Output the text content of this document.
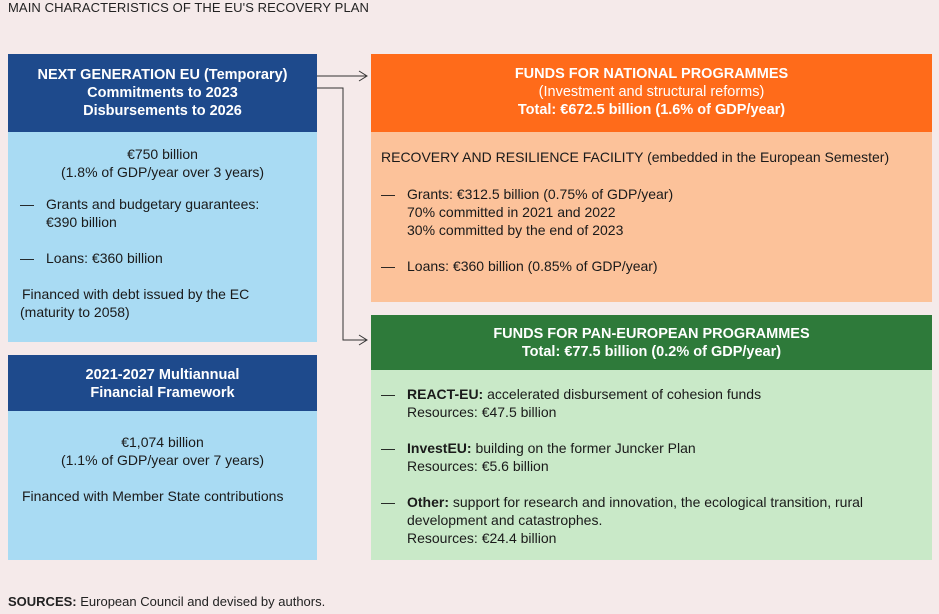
MAIN CHARACTERISTICS OF THE EU'S RECOVERY PLAN
NEXT GENERATION EU (Temporary)
Commitments to 2023
Disbursements to 2026
€750 billion
(1.8% of GDP/year over 3 years)
— Grants and budgetary guarantees:
€390 billion
— Loans: €360 billion
Financed with debt issued by the EC
(maturity to 2058)
2021-2027 Multiannual
Financial Framework
€1,074 billion
(1.1% of GDP/year over 7 years)
Financed with Member State contributions
FUNDS FOR NATIONAL PROGRAMMES
(Investment and structural reforms)
Total: €672.5 billion (1.6% of GDP/year)
RECOVERY AND RESILIENCE FACILITY (embedded in the European Semester)
— Grants: €312.5 billion (0.75% of GDP/year)
70% committed in 2021 and 2022
30% committed by the end of 2023
— Loans: €360 billion (0.85% of GDP/year)
FUNDS FOR PAN-EUROPEAN PROGRAMMES
Total: €77.5 billion (0.2% of GDP/year)
— REACT-EU: accelerated disbursement of cohesion funds
Resources: €47.5 billion
— InvestEU: building on the former Juncker Plan
Resources: €5.6 billion
— Other: support for research and innovation, the ecological transition, rural
development and catastrophes.
Resources: €24.4 billion
SOURCES: European Council and devised by authors.
